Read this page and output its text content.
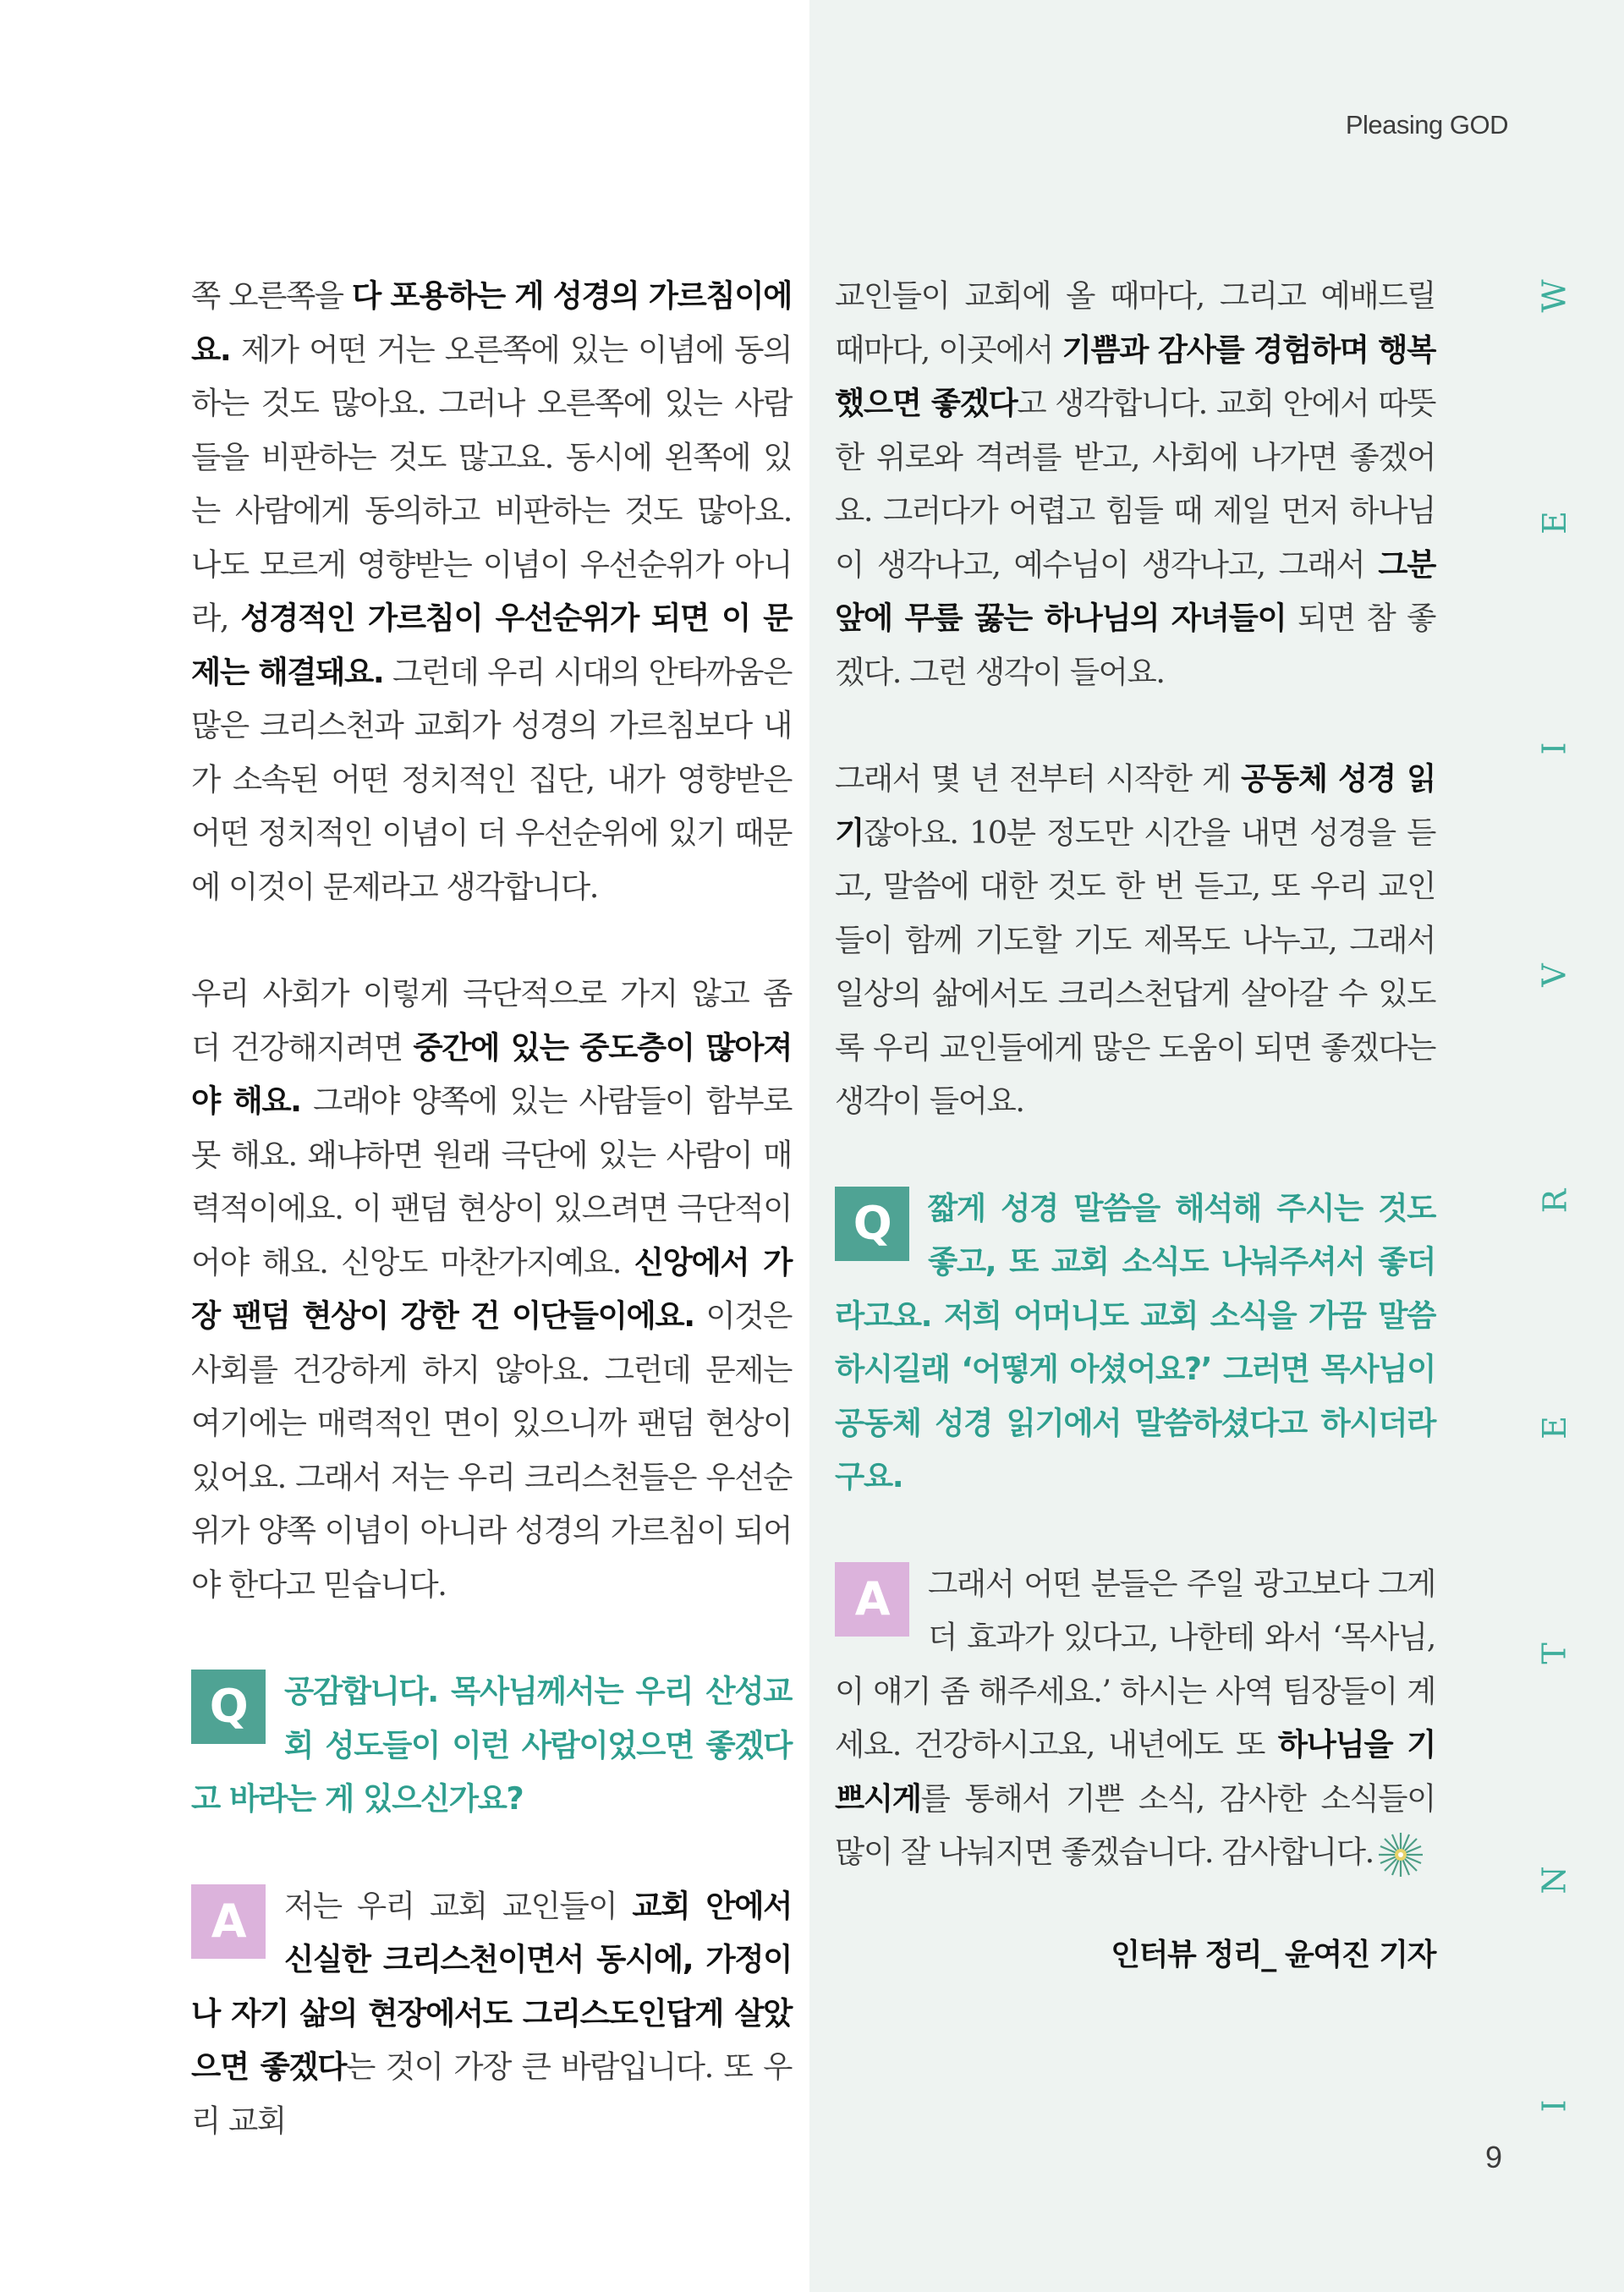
Pleasing GOD
I
N
T
E
R
V
I
E
W

쪽 오른쪽을 다 포용하는 게 성경의 가르침이에요. 제가 어떤 거는 오른쪽에 있는 이념에 동의하는 것도 많아요. 그러나 오른쪽에 있는 사람들을 비판하는 것도 많고요. 동시에 왼쪽에 있는 사람에게 동의하고 비판하는 것도 많아요. 나도 모르게 영향받는 이념이 우선순위가 아니라, 성경적인 가르침이 우선순위가 되면 이 문제는 해결돼요. 그런데 우리 시대의 안타까움은 많은 크리스천과 교회가 성경의 가르침보다 내가 소속된 어떤 정치적인 집단, 내가 영향받은 어떤 정치적인 이념이 더 우선순위에 있기 때문에 이것이 문제라고 생각합니다.

우리 사회가 이렇게 극단적으로 가지 않고 좀 더 건강해지려면 중간에 있는 중도층이 많아져야 해요. 그래야 양쪽에 있는 사람들이 함부로 못 해요. 왜냐하면 원래 극단에 있는 사람이 매력적이에요. 이 팬덤 현상이 있으려면 극단적이어야 해요. 신앙도 마찬가지예요. 신앙에서 가장 팬덤 현상이 강한 건 이단들이에요. 이것은 사회를 건강하게 하지 않아요. 그런데 문제는 여기에는 매력적인 면이 있으니까 팬덤 현상이 있어요. 그래서 저는 우리 크리스천들은 우선순위가 양쪽 이념이 아니라 성경의 가르침이 되어야 한다고 믿습니다.

Q	공감합니다. 목사님께서는 우리 산성교회 성도들이 이런 사람이었으면 좋겠다고 바라는 게 있으신가요?

A	저는 우리 교회 교인들이 교회 안에서 신실한 크리스천이면서 동시에, 가정이나 자기 삶의 현장에서도 그리스도인답게 살았으면 좋겠다는 것이 가장 큰 바람입니다. 또 우리 교회

교인들이 교회에 올 때마다, 그리고 예배드릴 때마다, 이곳에서 기쁨과 감사를 경험하며 행복했으면 좋겠다고 생각합니다. 교회 안에서 따뜻한 위로와 격려를 받고, 사회에 나가면 좋겠어요. 그러다가 어렵고 힘들 때 제일 먼저 하나님이 생각나고, 예수님이 생각나고, 그래서 그분 앞에 무릎 꿇는 하나님의 자녀들이 되면 참 좋겠다. 그런 생각이 들어요.

그래서 몇 년 전부터 시작한 게 공동체 성경 읽기잖아요. 10분 정도만 시간을 내면 성경을 듣고, 말씀에 대한 것도 한 번 듣고, 또 우리 교인들이 함께 기도할 기도 제목도 나누고, 그래서 일상의 삶에서도 크리스천답게 살아갈 수 있도록 우리 교인들에게 많은 도움이 되면 좋겠다는 생각이 들어요.

Q	짧게 성경 말씀을 해석해 주시는 것도 좋고, 또 교회 소식도 나눠주셔서 좋더라고요. 저희 어머니도 교회 소식을 가끔 말씀하시길래 ‘어떻게 아셨어요?’ 그러면 목사님이 공동체 성경 읽기에서 말씀하셨다고 하시더라구요.

A	그래서 어떤 분들은 주일 광고보다 그게 더 효과가 있다고, 나한테 와서 ‘목사님, 이 얘기 좀 해주세요.’ 하시는 사역 팀장들이 계세요. 건강하시고요, 내년에도 또 하나님을 기쁘시게를 통해서 기쁜 소식, 감사한 소식들이 많이 잘 나눠지면 좋겠습니다. 감사합니다.

인터뷰 정리_ 윤여진 기자
9
